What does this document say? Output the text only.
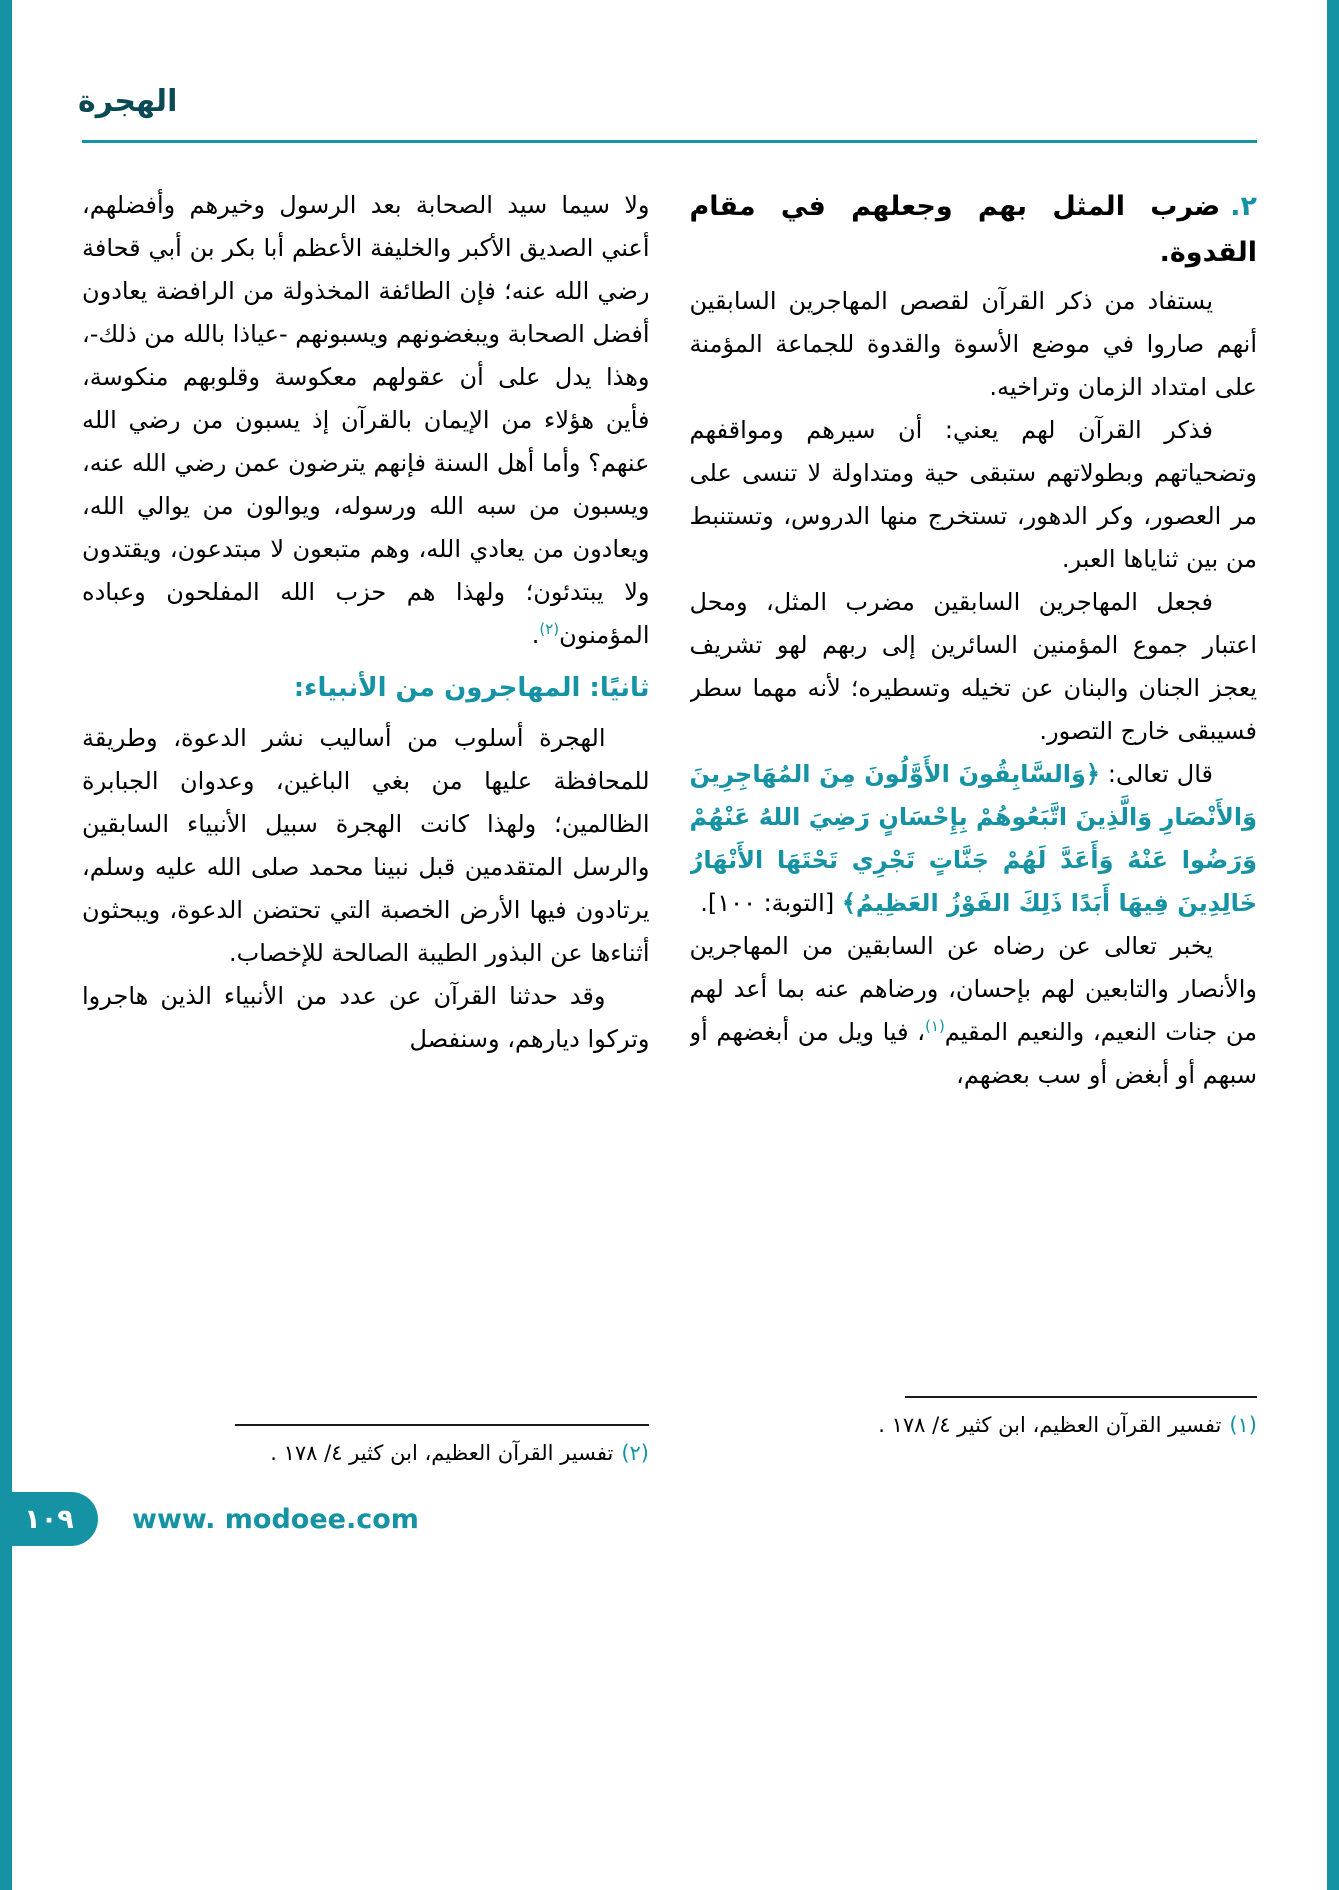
الهجرة
٢.ضرب المثل بهم وجعلهم في مقام القدوة.

يستفاد من ذكر القرآن لقصص المهاجرين السابقين أنهم صاروا في موضع الأسوة والقدوة للجماعة المؤمنة على امتداد الزمان وتراخيه.

فذكر القرآن لهم يعني: أن سيرهم ومواقفهم وتضحياتهم وبطولاتهم ستبقى حية ومتداولة لا تنسى على مر العصور، وكر الدهور، تستخرج منها الدروس، وتستنبط من بين ثناياها العبر.

فجعل المهاجرين السابقين مضرب المثل، ومحل اعتبار جموع المؤمنين السائرين إلى ربهم لهو تشريف يعجز الجنان والبنان عن تخيله وتسطيره؛ لأنه مهما سطر فسيبقى خارج التصور.

قال تعالى: ﴿وَالسَّابِقُونَ الأَوَّلُونَ مِنَ المُهَاجِرِينَ وَالأَنْصَارِ وَالَّذِينَ اتَّبَعُوهُمْ بِإِحْسَانٍ رَضِيَ اللهُ عَنْهُمْ وَرَضُوا عَنْهُ وَأَعَدَّ لَهُمْ جَنَّاتٍ تَجْرِي تَحْتَهَا الأَنْهَارُ خَالِدِينَ فِيهَا أَبَدًا ذَلِكَ الفَوْزُ العَظِيمُ﴾ [التوبة: ١٠٠].

يخبر تعالى عن رضاه عن السابقين من المهاجرين والأنصار والتابعين لهم بإحسان، ورضاهم عنه بما أعد لهم من جنات النعيم، والنعيم المقيم$^{(١)}$، فيا ويل من أبغضهم أو سبهم أو أبغض أو سب بعضهم،

ولا سيما سيد الصحابة بعد الرسول وخيرهم وأفضلهم، أعني الصديق الأكبر والخليفة الأعظم أبا بكر بن أبي قحافة رضي الله عنه؛ فإن الطائفة المخذولة من الرافضة يعادون أفضل الصحابة ويبغضونهم ويسبونهم -عياذا بالله من ذلك-، وهذا يدل على أن عقولهم معكوسة وقلوبهم منكوسة، فأين هؤلاء من الإيمان بالقرآن إذ يسبون من رضي الله عنهم؟ وأما أهل السنة فإنهم يترضون عمن رضي الله عنه، ويسبون من سبه الله ورسوله، ويوالون من يوالي الله، ويعادون من يعادي الله، وهم متبعون لا مبتدعون، ويقتدون ولا يبتدئون؛ ولهذا هم حزب الله المفلحون وعباده المؤمنون$^{(٢)}$.

ثانيًا: المهاجرون من الأنبياء:

الهجرة أسلوب من أساليب نشر الدعوة، وطريقة للمحافظة عليها من بغي الباغين، وعدوان الجبابرة الظالمين؛ ولهذا كانت الهجرة سبيل الأنبياء السابقين والرسل المتقدمين قبل نبينا محمد صلى الله عليه وسلم، يرتادون فيها الأرض الخصبة التي تحتضن الدعوة، ويبحثون أثناءها عن البذور الطيبة الصالحة للإخصاب.

وقد حدثنا القرآن عن عدد من الأنبياء الذين هاجروا وتركوا ديارهم، وسنفصل

(١)تفسير القرآن العظيم، ابن كثير ٤/ ١٧٨ .
(٢)تفسير القرآن العظيم، ابن كثير ٤/ ١٧٨ .
١٠٩ www. modoee.com
